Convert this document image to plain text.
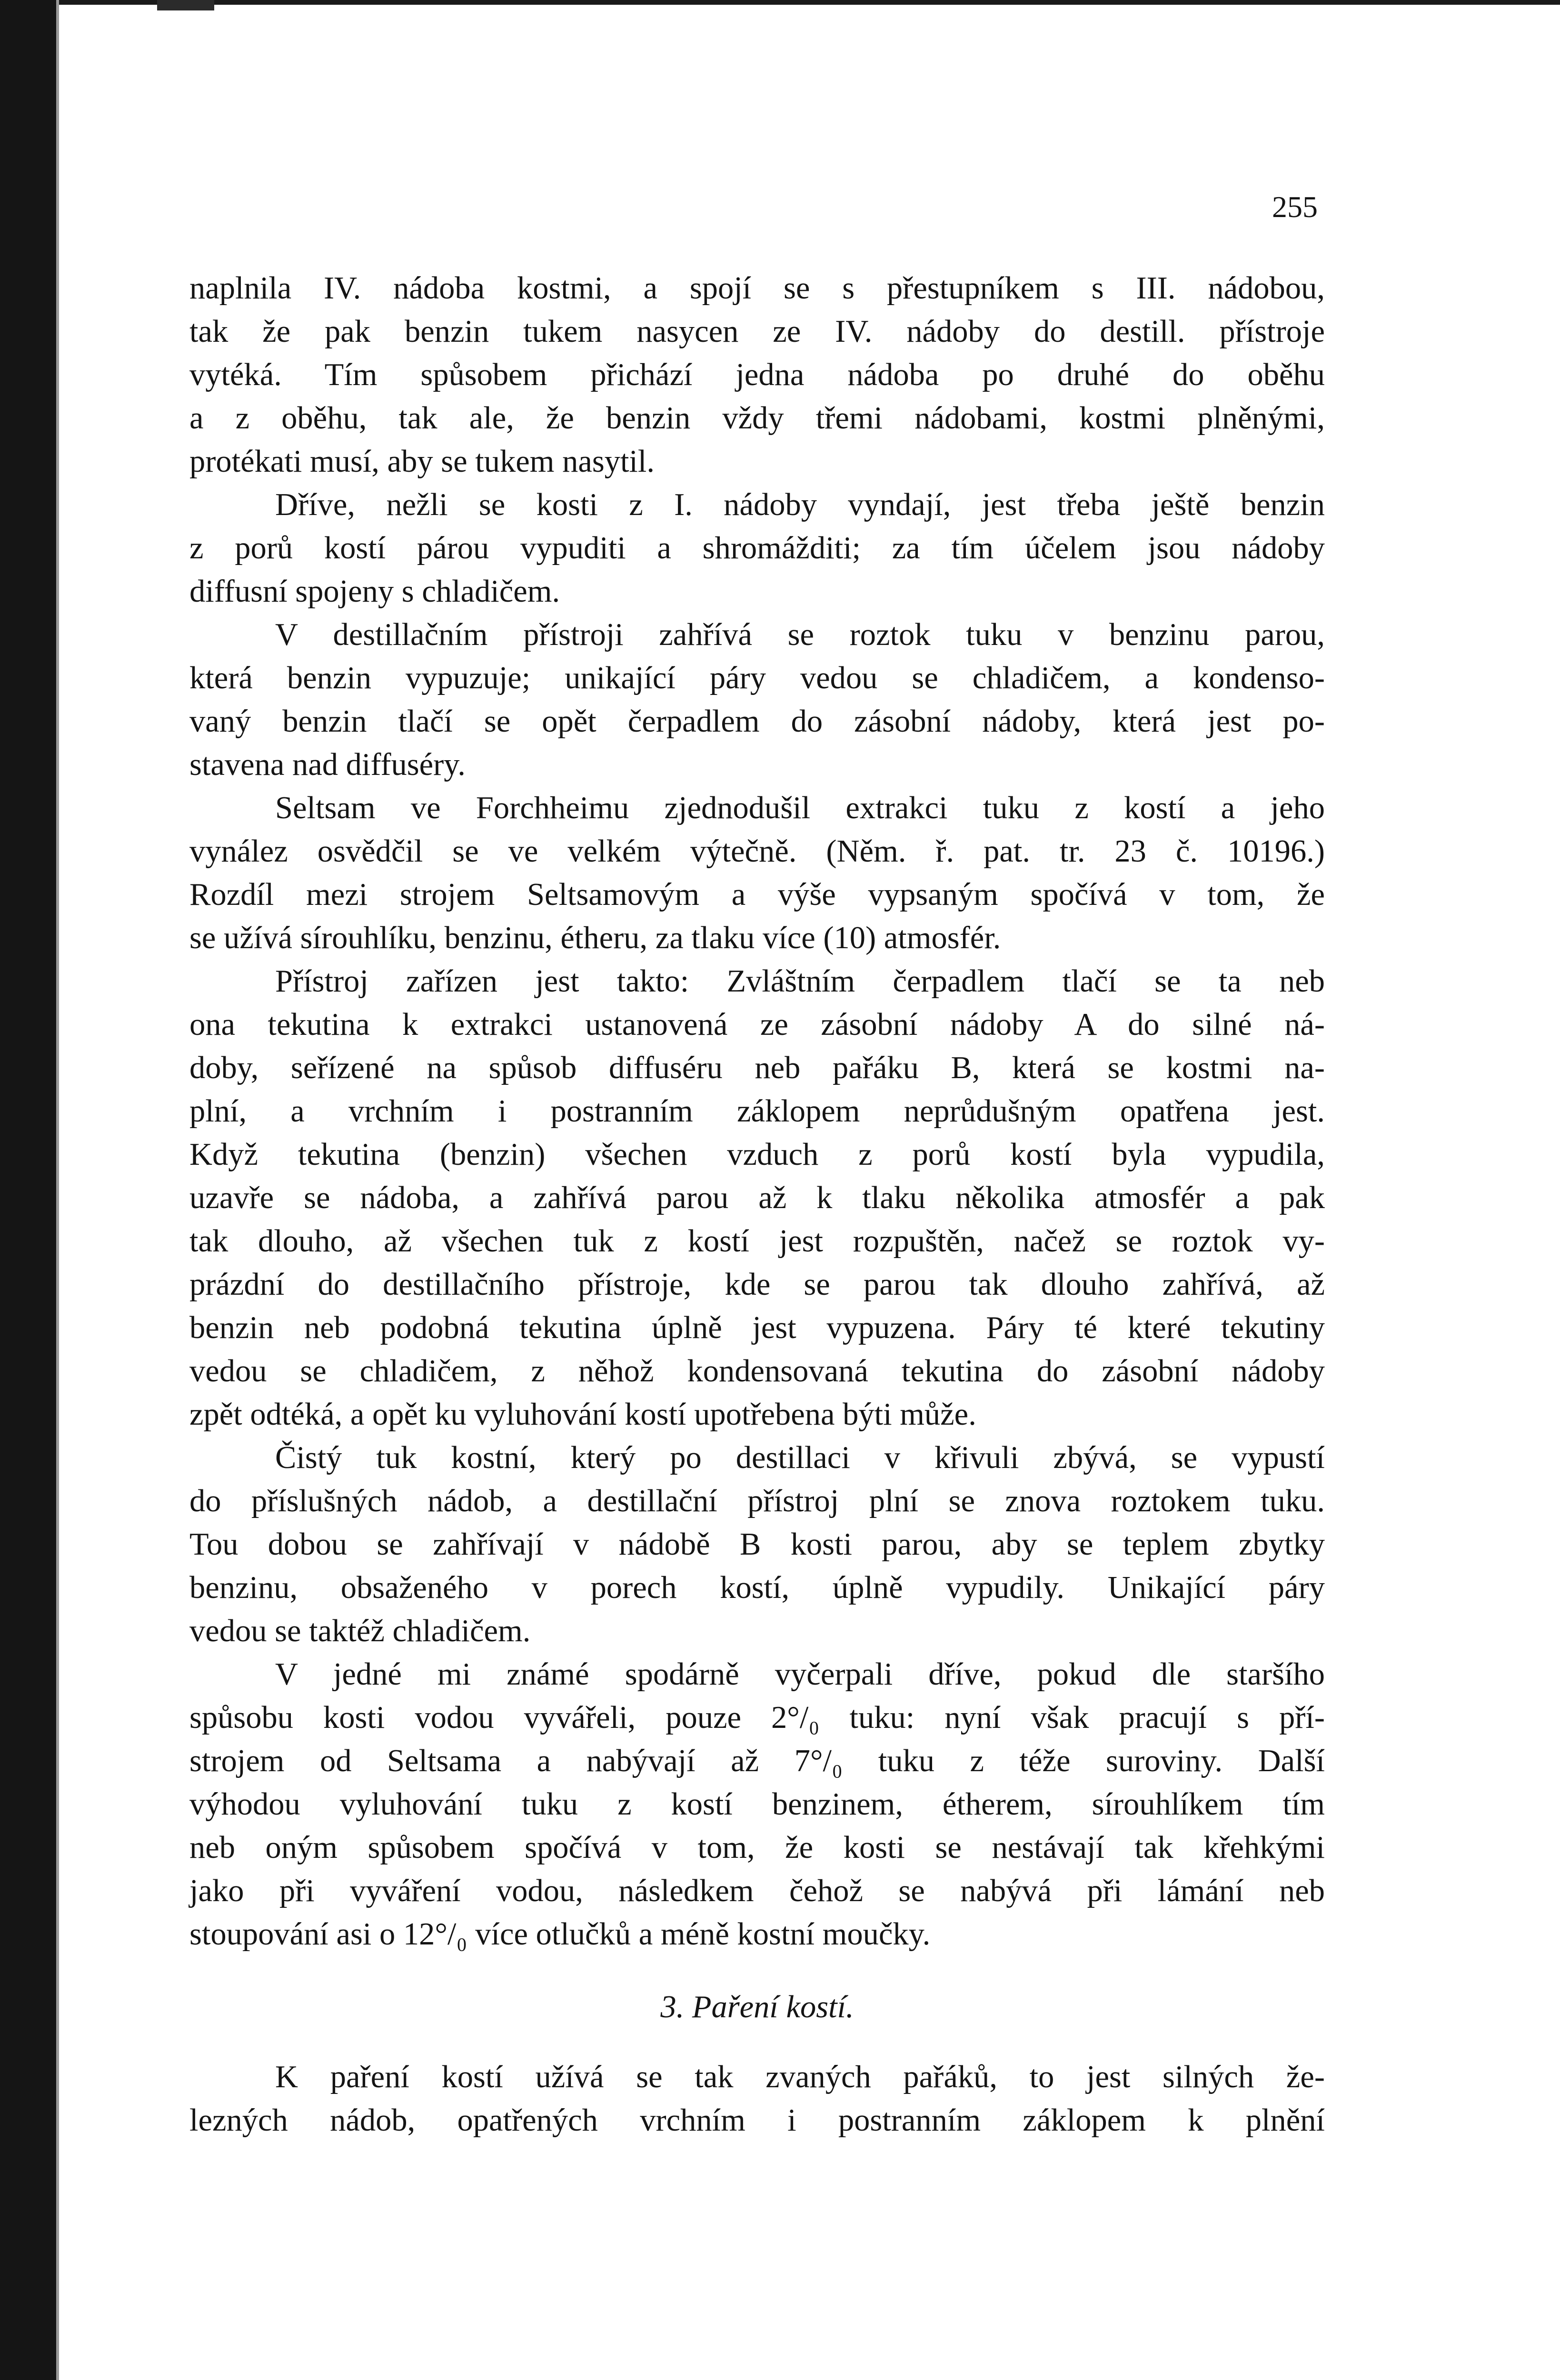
255
naplnila IV. nádoba kostmi, a spojí se s přestupníkem s III. nádobou,
tak že pak benzin tukem nasycen ze IV. nádoby do destill. přístroje
vytéká. Tím spůsobem přichází jedna nádoba po druhé do oběhu
a z oběhu, tak ale, že benzin vždy třemi nádobami, kostmi plněnými,
protékati musí, aby se tukem nasytil.
Dříve, nežli se kosti z I. nádoby vyndají, jest třeba ještě benzin
z porů kostí párou vypuditi a shromážditi; za tím účelem jsou nádoby
diffusní spojeny s chladičem.
V destillačním přístroji zahřívá se roztok tuku v benzinu parou,
která benzin vypuzuje; unikající páry vedou se chladičem, a kondenso-
vaný benzin tlačí se opět čerpadlem do zásobní nádoby, která jest po-
stavena nad diffuséry.
Seltsam ve Forchheimu zjednodušil extrakci tuku z kostí a jeho
vynález osvědčil se ve velkém výtečně. (Něm. ř. pat. tr. 23 č. 10196.)
Rozdíl mezi strojem Seltsamovým a výše vypsaným spočívá v tom, že
se užívá sírouhlíku, benzinu, étheru, za tlaku více (10) atmosfér.
Přístroj zařízen jest takto: Zvláštním čerpadlem tlačí se ta neb
ona tekutina k extrakci ustanovená ze zásobní nádoby A do silné ná-
doby, seřízené na spůsob diffuséru neb pařáku B, která se kostmi na-
plní, a vrchním i postranním záklopem neprůdušným opatřena jest.
Když tekutina (benzin) všechen vzduch z porů kostí byla vypudila,
uzavře se nádoba, a zahřívá parou až k tlaku několika atmosfér a pak
tak dlouho, až všechen tuk z kostí jest rozpuštěn, načež se roztok vy-
prázdní do destillačního přístroje, kde se parou tak dlouho zahřívá, až
benzin neb podobná tekutina úplně jest vypuzena. Páry té které tekutiny
vedou se chladičem, z něhož kondensovaná tekutina do zásobní nádoby
zpět odtéká, a opět ku vyluhování kostí upotřebena býti může.
Čistý tuk kostní, který po destillaci v křivuli zbývá, se vypustí
do příslušných nádob, a destillační přístroj plní se znova roztokem tuku.
Tou dobou se zahřívají v nádobě B kosti parou, aby se teplem zbytky
benzinu, obsaženého v porech kostí, úplně vypudily. Unikající páry
vedou se taktéž chladičem.
V jedné mi známé spodárně vyčerpali dříve, pokud dle staršího
spůsobu kosti vodou vyvářeli, pouze 2°/₀ tuku: nyní však pracují s pří-
strojem od Seltsama a nabývají až 7°/₀ tuku z téže suroviny. Další
výhodou vyluhování tuku z kostí benzinem, étherem, sírouhlíkem tím
neb oným spůsobem spočívá v tom, že kosti se nestávají tak křehkými
jako při vyváření vodou, následkem čehož se nabývá při lámání neb
stoupování asi o 12°/₀ více otlučků a méně kostní moučky.
3. Paření kostí.
K paření kostí užívá se tak zvaných pařáků, to jest silných že-
lezných nádob, opatřených vrchním i postranním záklopem k plnění
